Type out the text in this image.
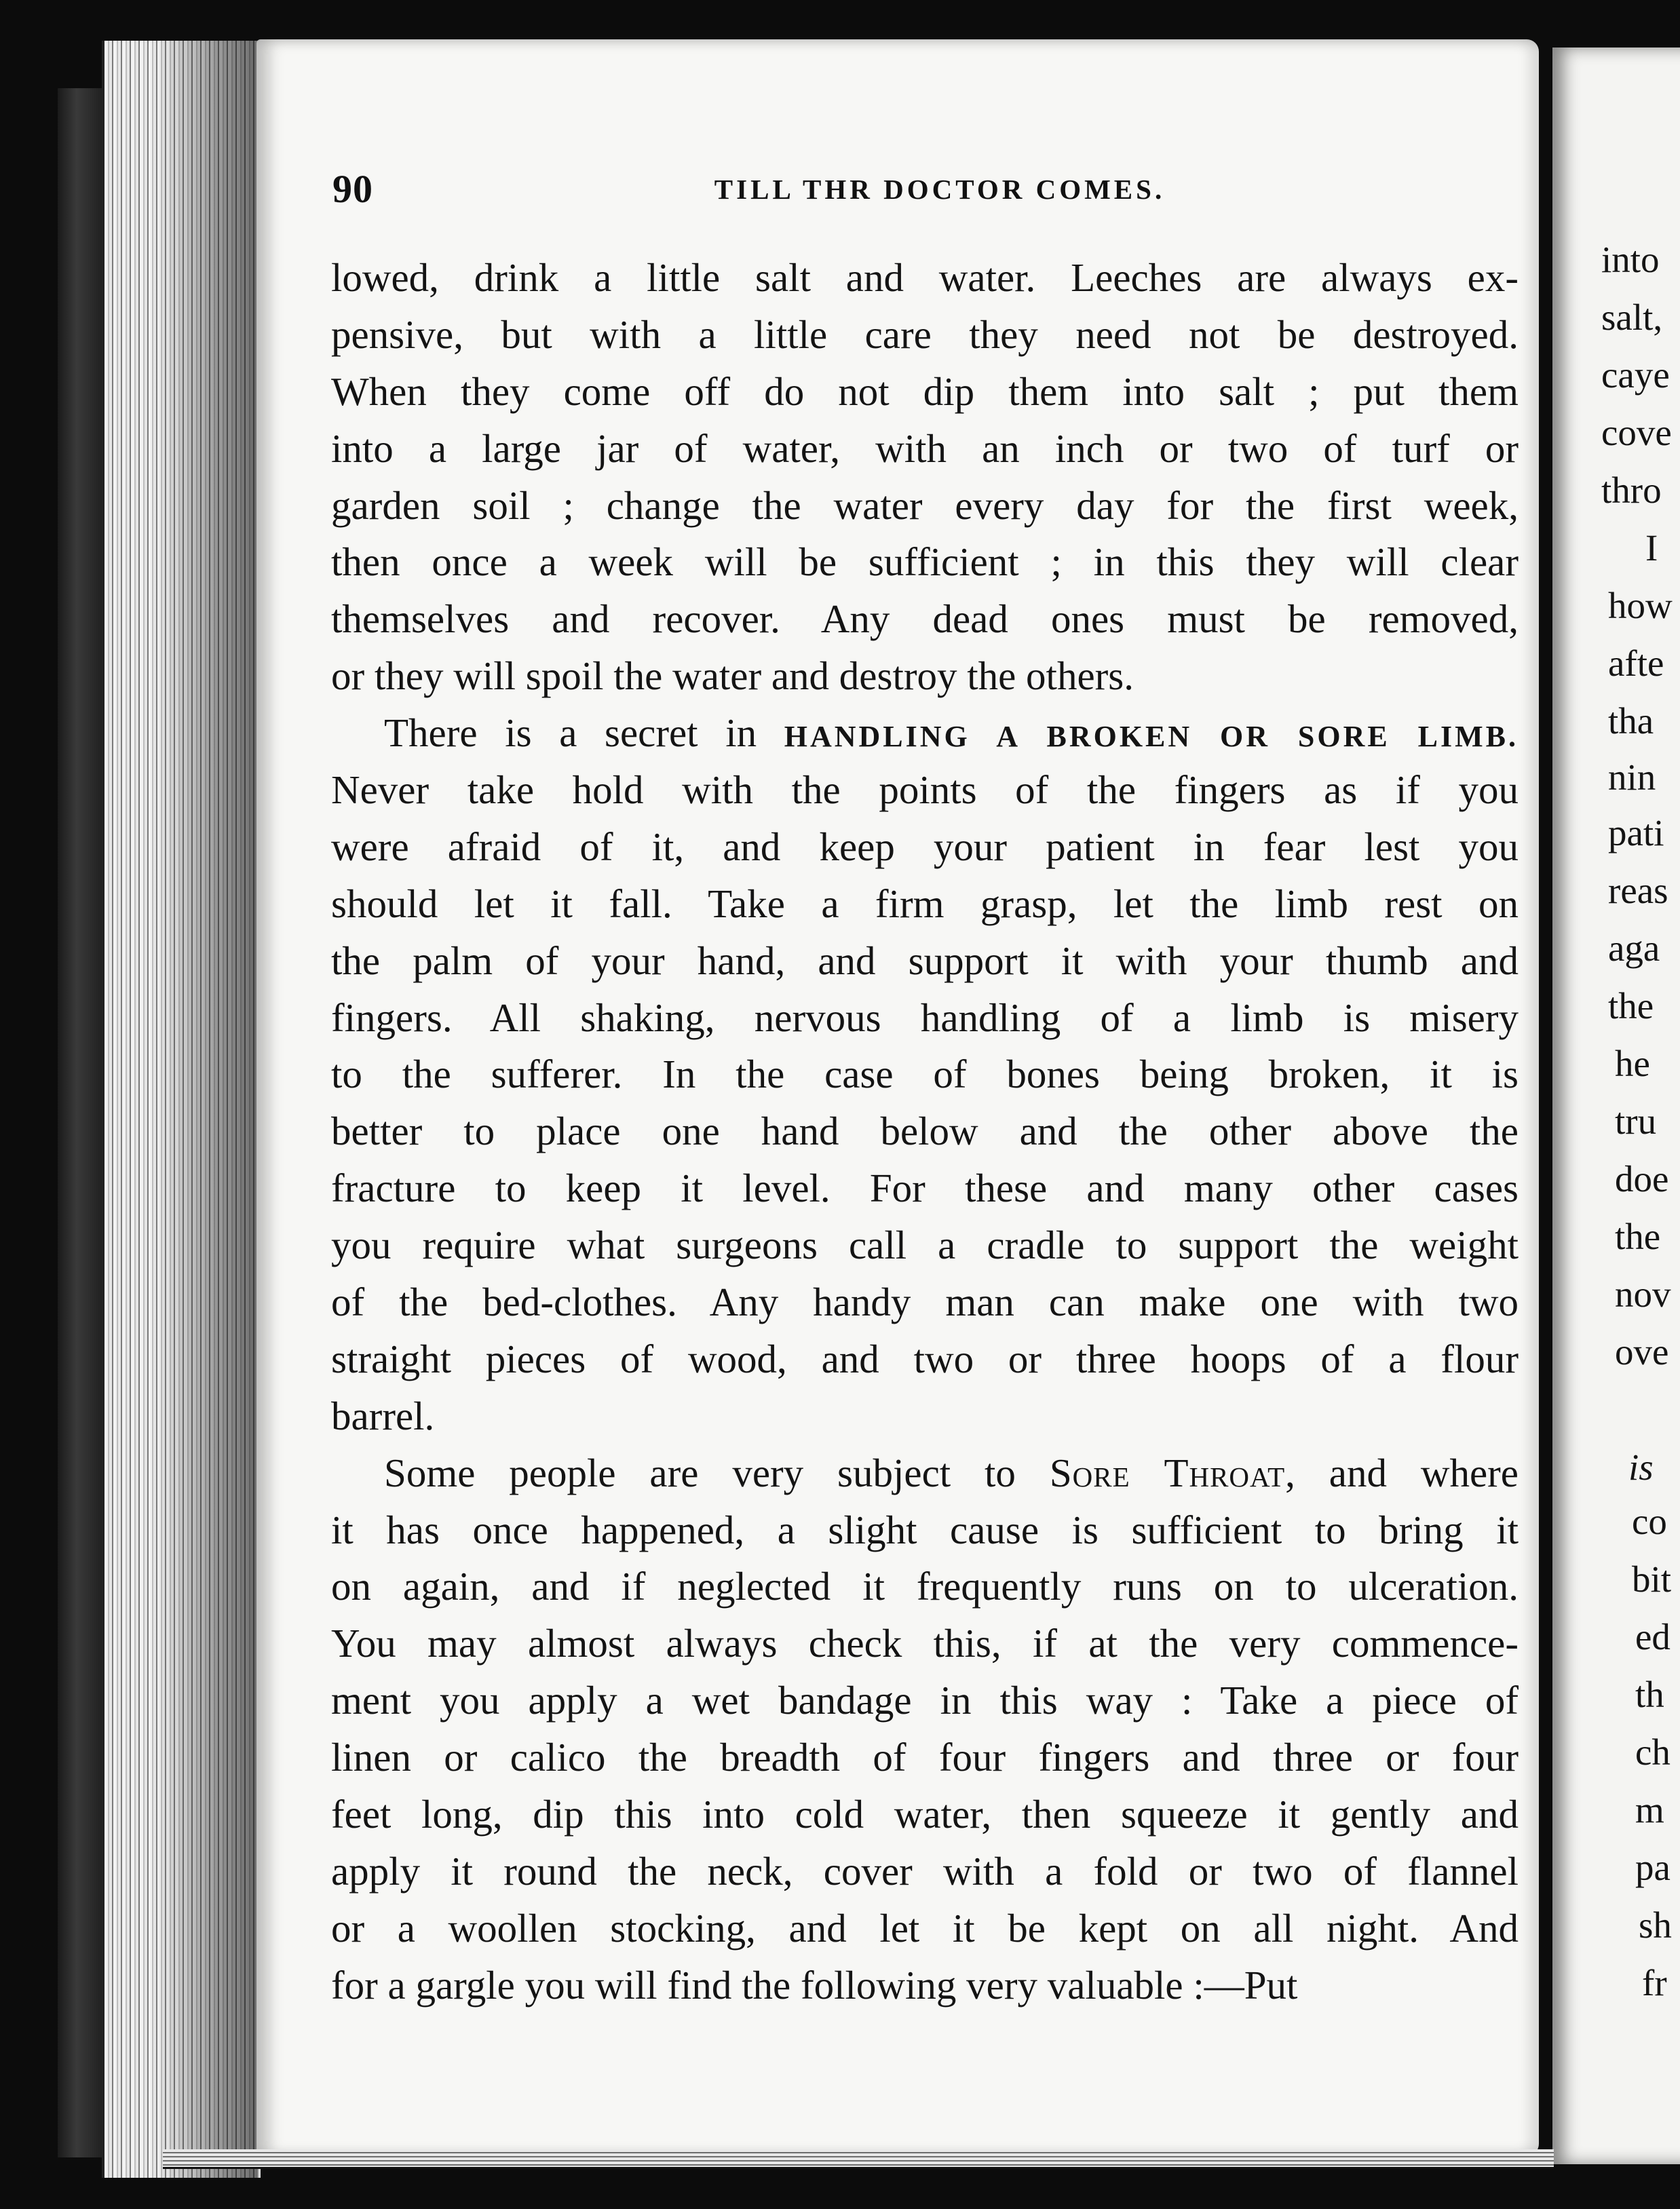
90	TILL THR DOCTOR COMES.
lowed, drink a little salt and water. Leeches are always ex-
pensive, but with a little care they need not be destroyed.
When they come off do not dip them into salt ; put them
into a large jar of water, with an inch or two of turf or
garden soil ; change the water every day for the first week,
then once a week will be sufficient ; in this they will clear
themselves and recover. Any dead ones must be removed,
or they will spoil the water and destroy the others.
There is a secret in HANDLING A BROKEN OR SORE LIMB.
Never take hold with the points of the fingers as if you
were afraid of it, and keep your patient in fear lest you
should let it fall. Take a firm grasp, let the limb rest on
the palm of your hand, and support it with your thumb and
fingers. All shaking, nervous handling of a limb is misery
to the sufferer. In the case of bones being broken, it is
better to place one hand below and the other above the
fracture to keep it level. For these and many other cases
you require what surgeons call a cradle to support the weight
of the bed-clothes. Any handy man can make one with two
straight pieces of wood, and two or three hoops of a flour
barrel.
Some people are very subject to Sore Throat, and where
it has once happened, a slight cause is sufficient to bring it
on again, and if neglected it frequently runs on to ulceration.
You may almost always check this, if at the very commence-
ment you apply a wet bandage in this way : Take a piece of
linen or calico the breadth of four fingers and three or four
feet long, dip this into cold water, then squeeze it gently and
apply it round the neck, cover with a fold or two of flannel
or a woollen stocking, and let it be kept on all night. And
for a gargle you will find the following very valuable :—Put
into
salt,
caye
cove
thro
I
how
afte
tha
nin
pati
reas
aga
the
he
tru
doe
the
nov
ove
is
co
bit
ed
th
ch
m
pa
sh
fr
